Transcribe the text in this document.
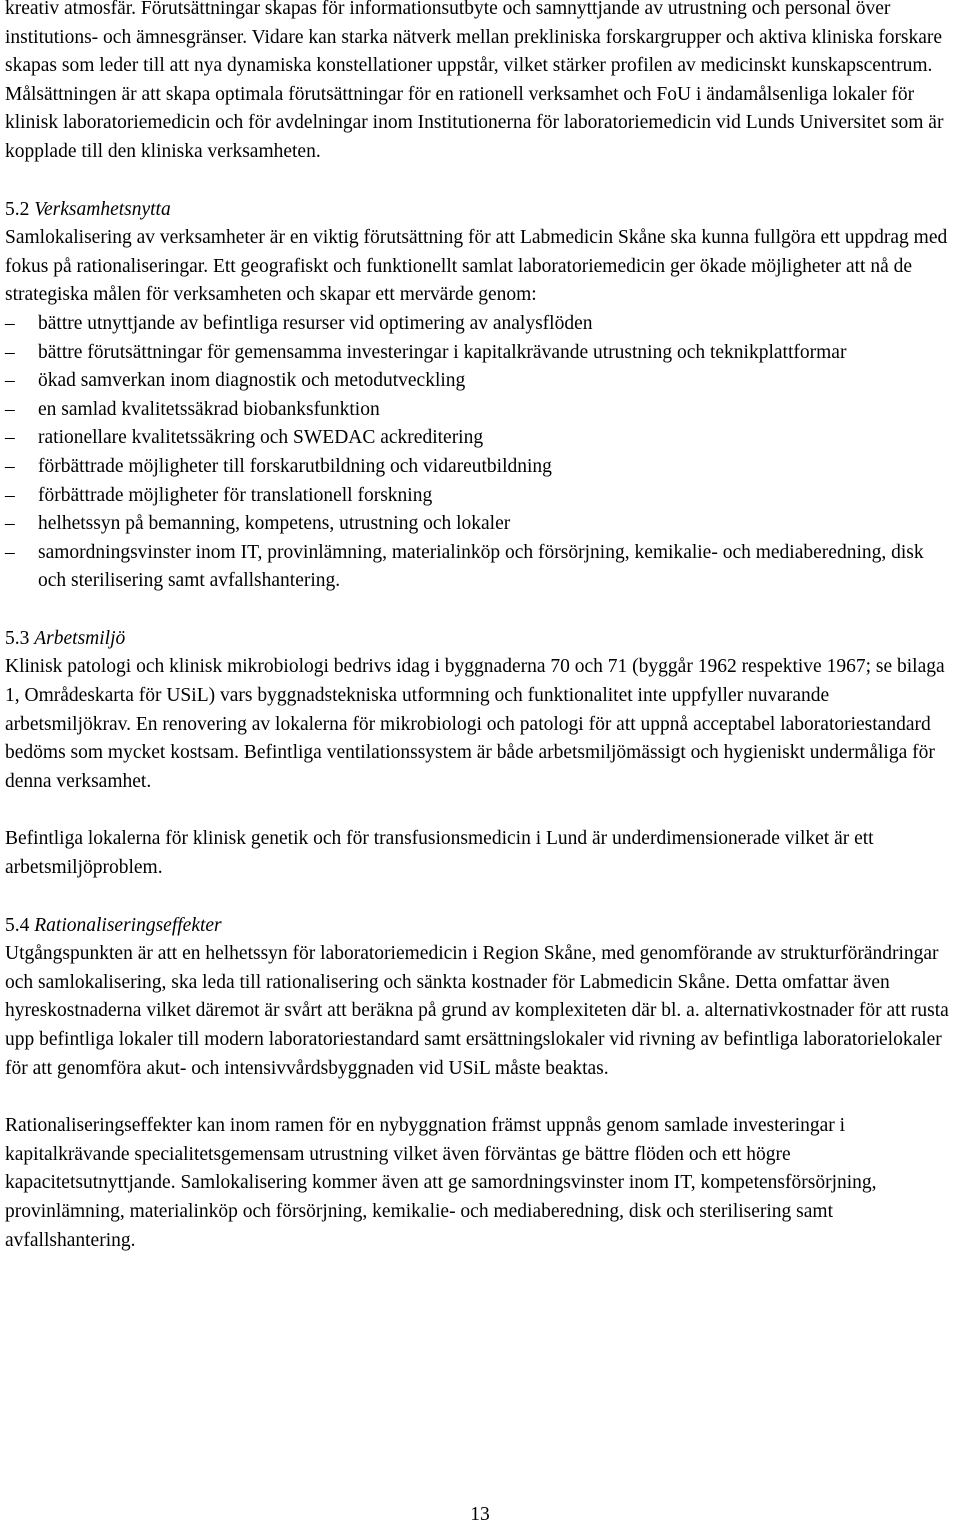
kreativ atmosfär. Förutsättningar skapas för informationsutbyte och samnyttjande av utrustning och personal över institutions- och ämnesgränser. Vidare kan starka nätverk mellan prekliniska forskargrupper och aktiva kliniska forskare skapas som leder till att nya dynamiska konstellationer uppstår, vilket stärker profilen av medicinskt kunskapscentrum. Målsättningen är att skapa optimala förutsättningar för en rationell verksamhet och FoU i ändamålsenliga lokaler för klinisk laboratoriemedicin och för avdelningar inom Institutionerna för laboratoriemedicin vid Lunds Universitet som är kopplade till den kliniska verksamheten.

5.2 Verksamhetsnytta

Samlokalisering av verksamheter är en viktig förutsättning för att Labmedicin Skåne ska kunna fullgöra ett uppdrag med fokus på rationaliseringar. Ett geografiskt och funktionellt samlat laboratoriemedicin ger ökade möjligheter att nå de strategiska målen för verksamheten och skapar ett mervärde genom:

– bättre utnyttjande av befintliga resurser vid optimering av analysflöden
– bättre förutsättningar för gemensamma investeringar i kapitalkrävande utrustning och teknikplattformar
– ökad samverkan inom diagnostik och metodutveckling
– en samlad kvalitetssäkrad biobanksfunktion
– rationellare kvalitetssäkring och SWEDAC ackreditering
– förbättrade möjligheter till forskarutbildning och vidareutbildning
– förbättrade möjligheter för translationell forskning
– helhetssyn på bemanning, kompetens, utrustning och lokaler
– samordningsvinster inom IT, provinlämning, materialinköp och försörjning, kemikalie- och mediaberedning, disk och sterilisering samt avfallshantering.
5.3 Arbetsmiljö

Klinisk patologi och klinisk mikrobiologi bedrivs idag i byggnaderna 70 och 71 (byggår 1962 respektive 1967; se bilaga 1, Områdeskarta för USiL) vars byggnadstekniska utformning och funktionalitet inte uppfyller nuvarande arbetsmiljökrav. En renovering av lokalerna för mikrobiologi och patologi för att uppnå acceptabel laboratoriestandard bedöms som mycket kostsam. Befintliga ventilationssystem är både arbetsmiljömässigt och hygieniskt undermåliga för denna verksamhet.

Befintliga lokalerna för klinisk genetik och för transfusionsmedicin i Lund är underdimensionerade vilket är ett arbetsmiljöproblem.

5.4 Rationaliseringseffekter

Utgångspunkten är att en helhetssyn för laboratoriemedicin i Region Skåne, med genomförande av strukturförändringar och samlokalisering, ska leda till rationalisering och sänkta kostnader för Labmedicin Skåne. Detta omfattar även hyreskostnaderna vilket däremot är svårt att beräkna på grund av komplexiteten där bl. a. alternativkostnader för att rusta upp befintliga lokaler till modern laboratoriestandard samt ersättningslokaler vid rivning av befintliga laboratorielokaler för att genomföra akut- och intensivvårdsbyggnaden vid USiL måste beaktas.

Rationaliseringseffekter kan inom ramen för en nybyggnation främst uppnås genom samlade investeringar i kapitalkrävande specialitetsgemensam utrustning vilket även förväntas ge bättre flöden och ett högre kapacitetsutnyttjande. Samlokalisering kommer även att ge samordningsvinster inom IT, kompetensförsörjning, provinlämning, materialinköp och försörjning, kemikalie- och mediaberedning, disk och sterilisering samt avfallshantering.

13
